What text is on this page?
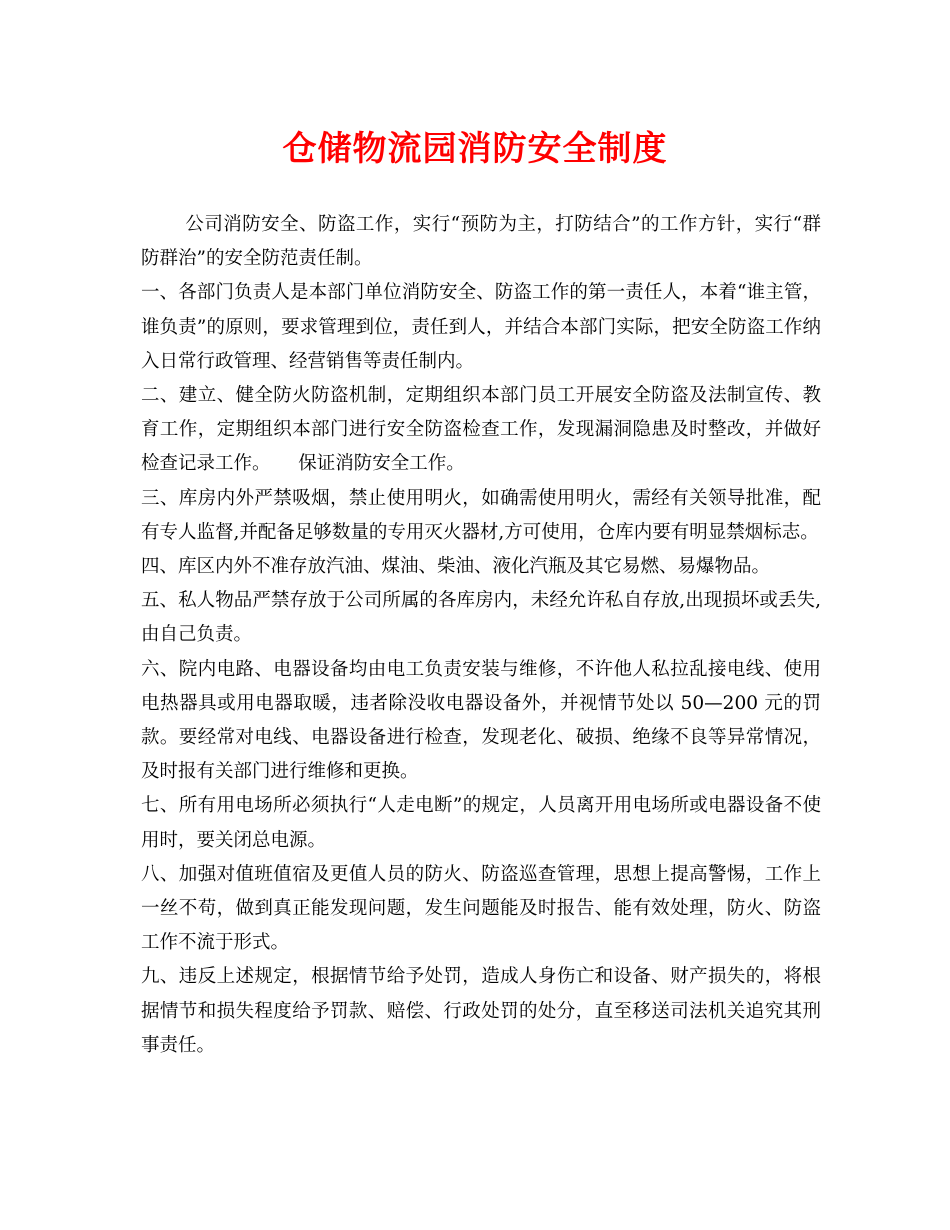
仓储物流园消防安全制度

公司消防安全、防盗工作，实行“预防为主，打防结合”的工作方针，实行“群防群治”的安全防范责任制。

一、各部门负责人是本部门单位消防安全、防盗工作的第一责任人，本着“谁主管，谁负责”的原则，要求管理到位，责任到人，并结合本部门实际，把安全防盗工作纳入日常行政管理、经营销售等责任制内。

二、建立、健全防火防盗机制，定期组织本部门员工开展安全防盗及法制宣传、教育工作，定期组织本部门进行安全防盗检查工作，发现漏洞隐患及时整改，并做好检查记录工作。　　保证消防安全工作。

三、库房内外严禁吸烟，禁止使用明火，如确需使用明火，需经有关领导批准，配有专人监督,并配备足够数量的专用灭火器材,方可使用，仓库内要有明显禁烟标志。

四、库区内外不准存放汽油、煤油、柴油、液化汽瓶及其它易燃、易爆物品。

五、私人物品严禁存放于公司所属的各库房内，未经允许私自存放,出现损坏或丢失,由自己负责。

六、院内电路、电器设备均由电工负责安装与维修，不许他人私拉乱接电线、使用电热器具或用电器取暖，违者除没收电器设备外，并视情节处以 50—200 元的罚款。要经常对电线、电器设备进行检查，发现老化、破损、绝缘不良等异常情况，及时报有关部门进行维修和更换。

七、所有用电场所必须执行“人走电断”的规定，人员离开用电场所或电器设备不使用时，要关闭总电源。

八、加强对值班值宿及更值人员的防火、防盗巡查管理，思想上提高警惕，工作上一丝不苟，做到真正能发现问题，发生问题能及时报告、能有效处理，防火、防盗工作不流于形式。

九、违反上述规定，根据情节给予处罚，造成人身伤亡和设备、财产损失的，将根据情节和损失程度给予罚款、赔偿、行政处罚的处分，直至移送司法机关追究其刑事责任。
